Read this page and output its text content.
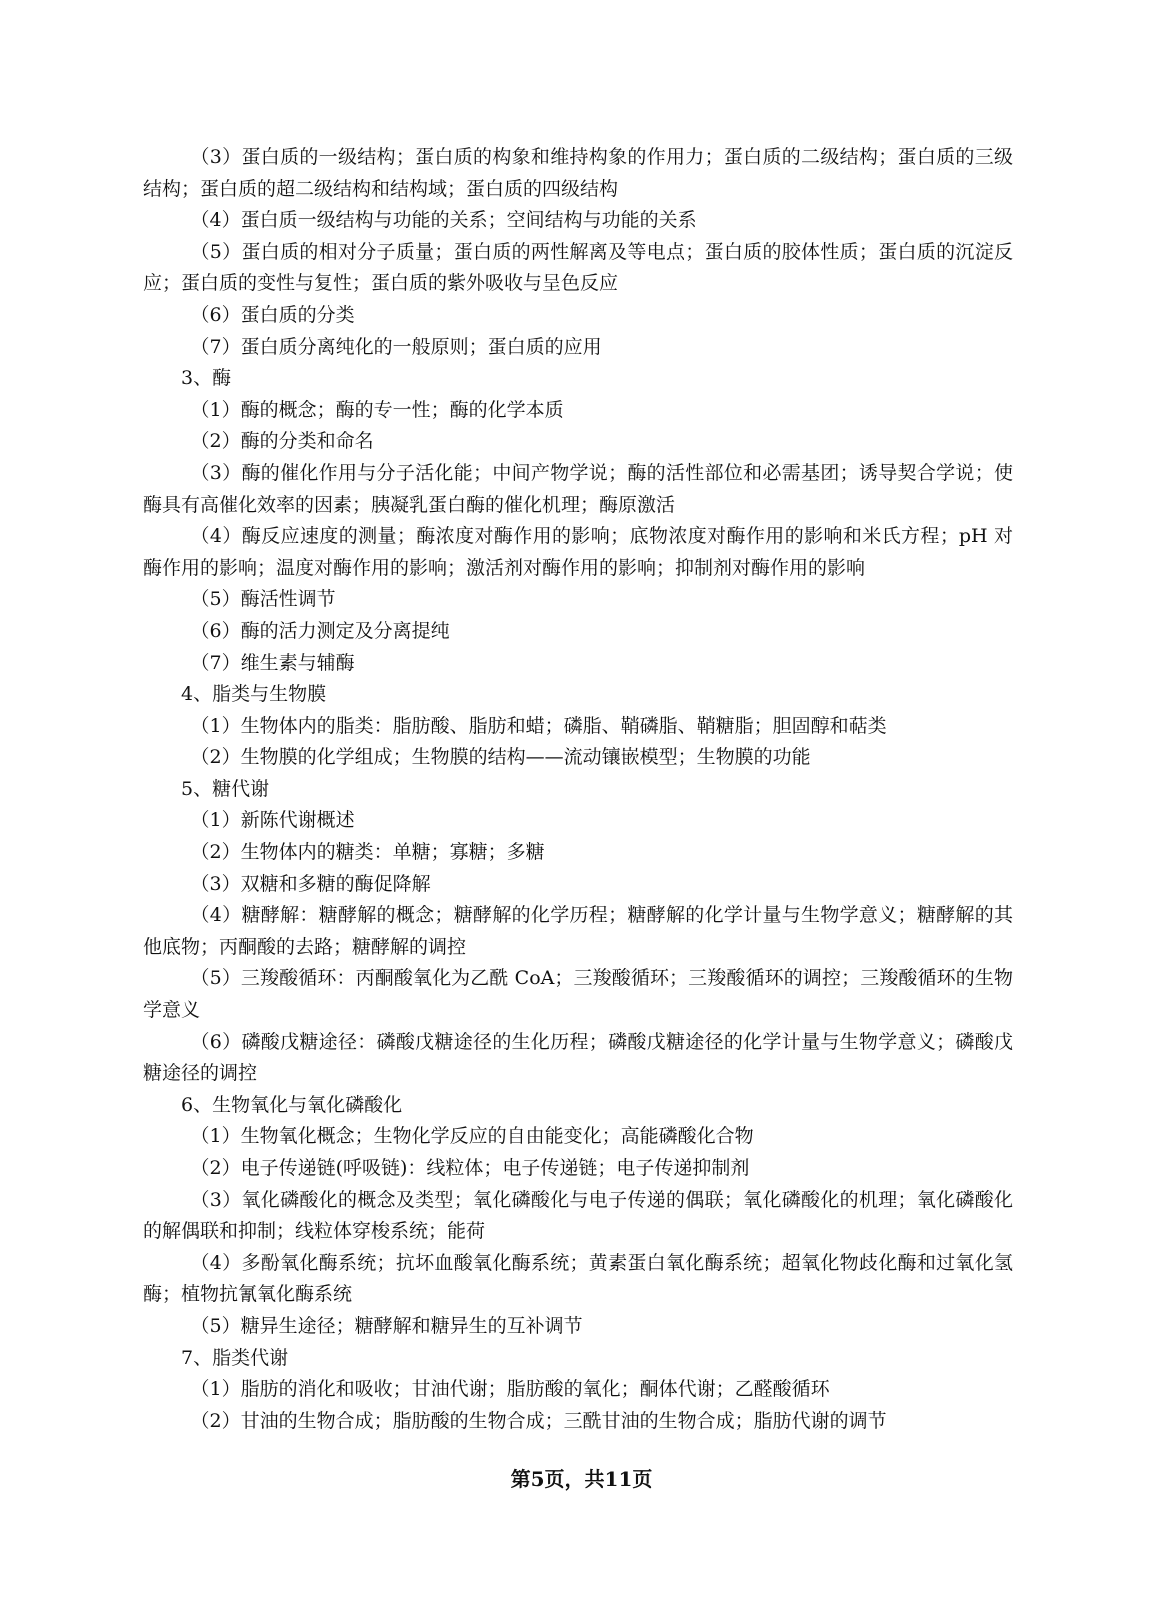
（3）蛋白质的一级结构；蛋白质的构象和维持构象的作用力；蛋白质的二级结构；蛋白质的三级结构；蛋白质的超二级结构和结构域；蛋白质的四级结构

（4）蛋白质一级结构与功能的关系；空间结构与功能的关系

（5）蛋白质的相对分子质量；蛋白质的两性解离及等电点；蛋白质的胶体性质；蛋白质的沉淀反应；蛋白质的变性与复性；蛋白质的紫外吸收与呈色反应

（6）蛋白质的分类

（7）蛋白质分离纯化的一般原则；蛋白质的应用

3、酶

（1）酶的概念；酶的专一性；酶的化学本质

（2）酶的分类和命名

（3）酶的催化作用与分子活化能；中间产物学说；酶的活性部位和必需基团；诱导契合学说；使酶具有高催化效率的因素；胰凝乳蛋白酶的催化机理；酶原激活

（4）酶反应速度的测量；酶浓度对酶作用的影响；底物浓度对酶作用的影响和米氏方程；pH 对酶作用的影响；温度对酶作用的影响；激活剂对酶作用的影响；抑制剂对酶作用的影响

（5）酶活性调节

（6）酶的活力测定及分离提纯

（7）维生素与辅酶

4、脂类与生物膜

（1）生物体内的脂类：脂肪酸、脂肪和蜡；磷脂、鞘磷脂、鞘糖脂；胆固醇和萜类

（2）生物膜的化学组成；生物膜的结构——流动镶嵌模型；生物膜的功能

5、糖代谢

（1）新陈代谢概述

（2）生物体内的糖类：单糖；寡糖；多糖

（3）双糖和多糖的酶促降解

（4）糖酵解：糖酵解的概念；糖酵解的化学历程；糖酵解的化学计量与生物学意义；糖酵解的其他底物；丙酮酸的去路；糖酵解的调控

（5）三羧酸循环：丙酮酸氧化为乙酰 CoA；三羧酸循环；三羧酸循环的调控；三羧酸循环的生物学意义

（6）磷酸戊糖途径：磷酸戊糖途径的生化历程；磷酸戊糖途径的化学计量与生物学意义；磷酸戊糖途径的调控

6、生物氧化与氧化磷酸化

（1）生物氧化概念；生物化学反应的自由能变化；高能磷酸化合物

（2）电子传递链(呼吸链)：线粒体；电子传递链；电子传递抑制剂

（3）氧化磷酸化的概念及类型；氧化磷酸化与电子传递的偶联；氧化磷酸化的机理；氧化磷酸化的解偶联和抑制；线粒体穿梭系统；能荷

（4）多酚氧化酶系统；抗坏血酸氧化酶系统；黄素蛋白氧化酶系统；超氧化物歧化酶和过氧化氢酶；植物抗氰氧化酶系统

（5）糖异生途径；糖酵解和糖异生的互补调节

7、脂类代谢

（1）脂肪的消化和吸收；甘油代谢；脂肪酸的氧化；酮体代谢；乙醛酸循环

（2）甘油的生物合成；脂肪酸的生物合成；三酰甘油的生物合成；脂肪代谢的调节

第5页，共11页
